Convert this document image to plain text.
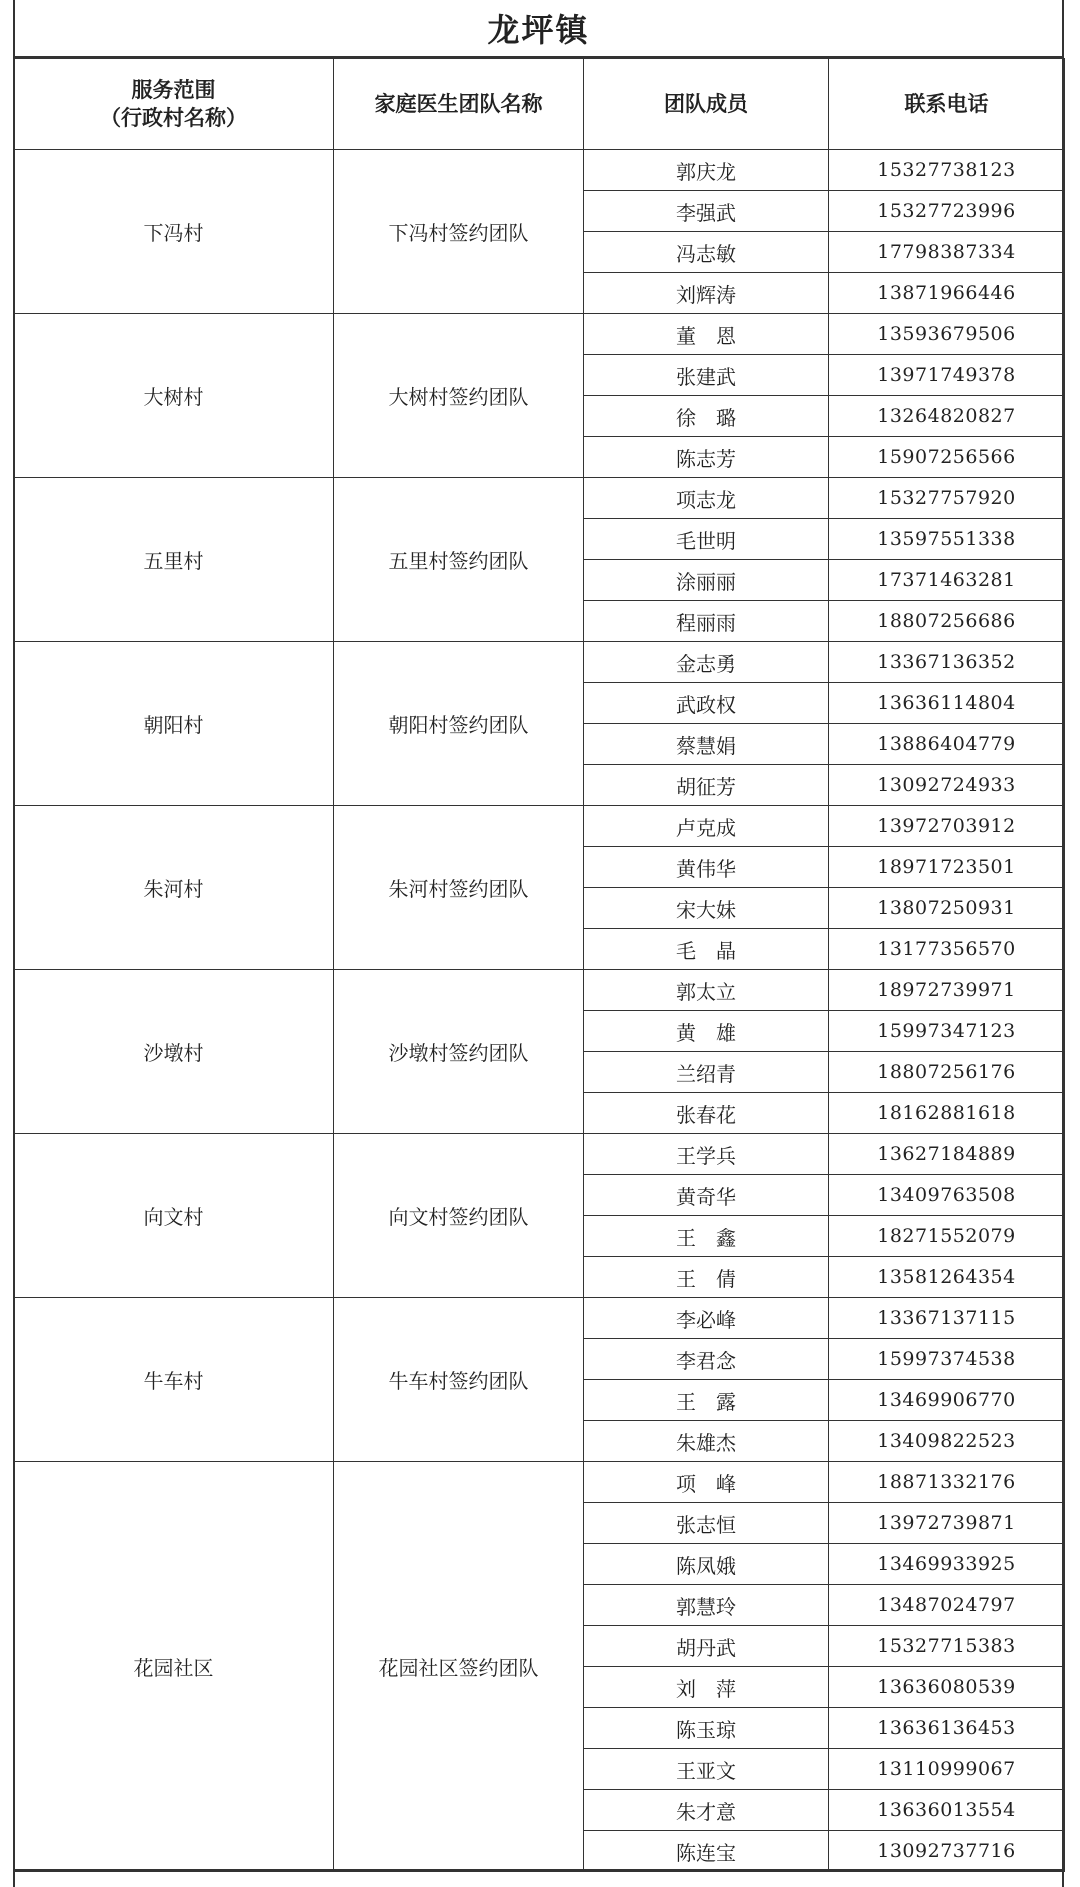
龙坪镇
服务范围
（行政村名称）	家庭医生团队名称	团队成员	联系电话
下冯村	下冯村签约团队	郭庆龙	15327738123
		李强武	15327723996
		冯志敏	17798387334
		刘辉涛	13871966446
大树村	大树村签约团队	董　恩	13593679506
		张建武	13971749378
		徐　璐	13264820827
		陈志芳	15907256566
五里村	五里村签约团队	项志龙	15327757920
		毛世明	13597551338
		涂丽丽	17371463281
		程丽雨	18807256686
朝阳村	朝阳村签约团队	金志勇	13367136352
		武政权	13636114804
		蔡慧娟	13886404779
		胡征芳	13092724933
朱河村	朱河村签约团队	卢克成	13972703912
		黄伟华	18971723501
		宋大妹	13807250931
		毛　晶	13177356570
沙墩村	沙墩村签约团队	郭太立	18972739971
		黄　雄	15997347123
		兰绍青	18807256176
		张春花	18162881618
向文村	向文村签约团队	王学兵	13627184889
		黄奇华	13409763508
		王　鑫	18271552079
		王　倩	13581264354
牛车村	牛车村签约团队	李必峰	13367137115
		李君念	15997374538
		王　露	13469906770
		朱雄杰	13409822523
花园社区	花园社区签约团队	项　峰	18871332176
		张志恒	13972739871
		陈凤娥	13469933925
		郭慧玲	13487024797
		胡丹武	15327715383
		刘　萍	13636080539
		陈玉琼	13636136453
		王亚文	13110999067
		朱才意	13636013554
		陈连宝	13092737716
